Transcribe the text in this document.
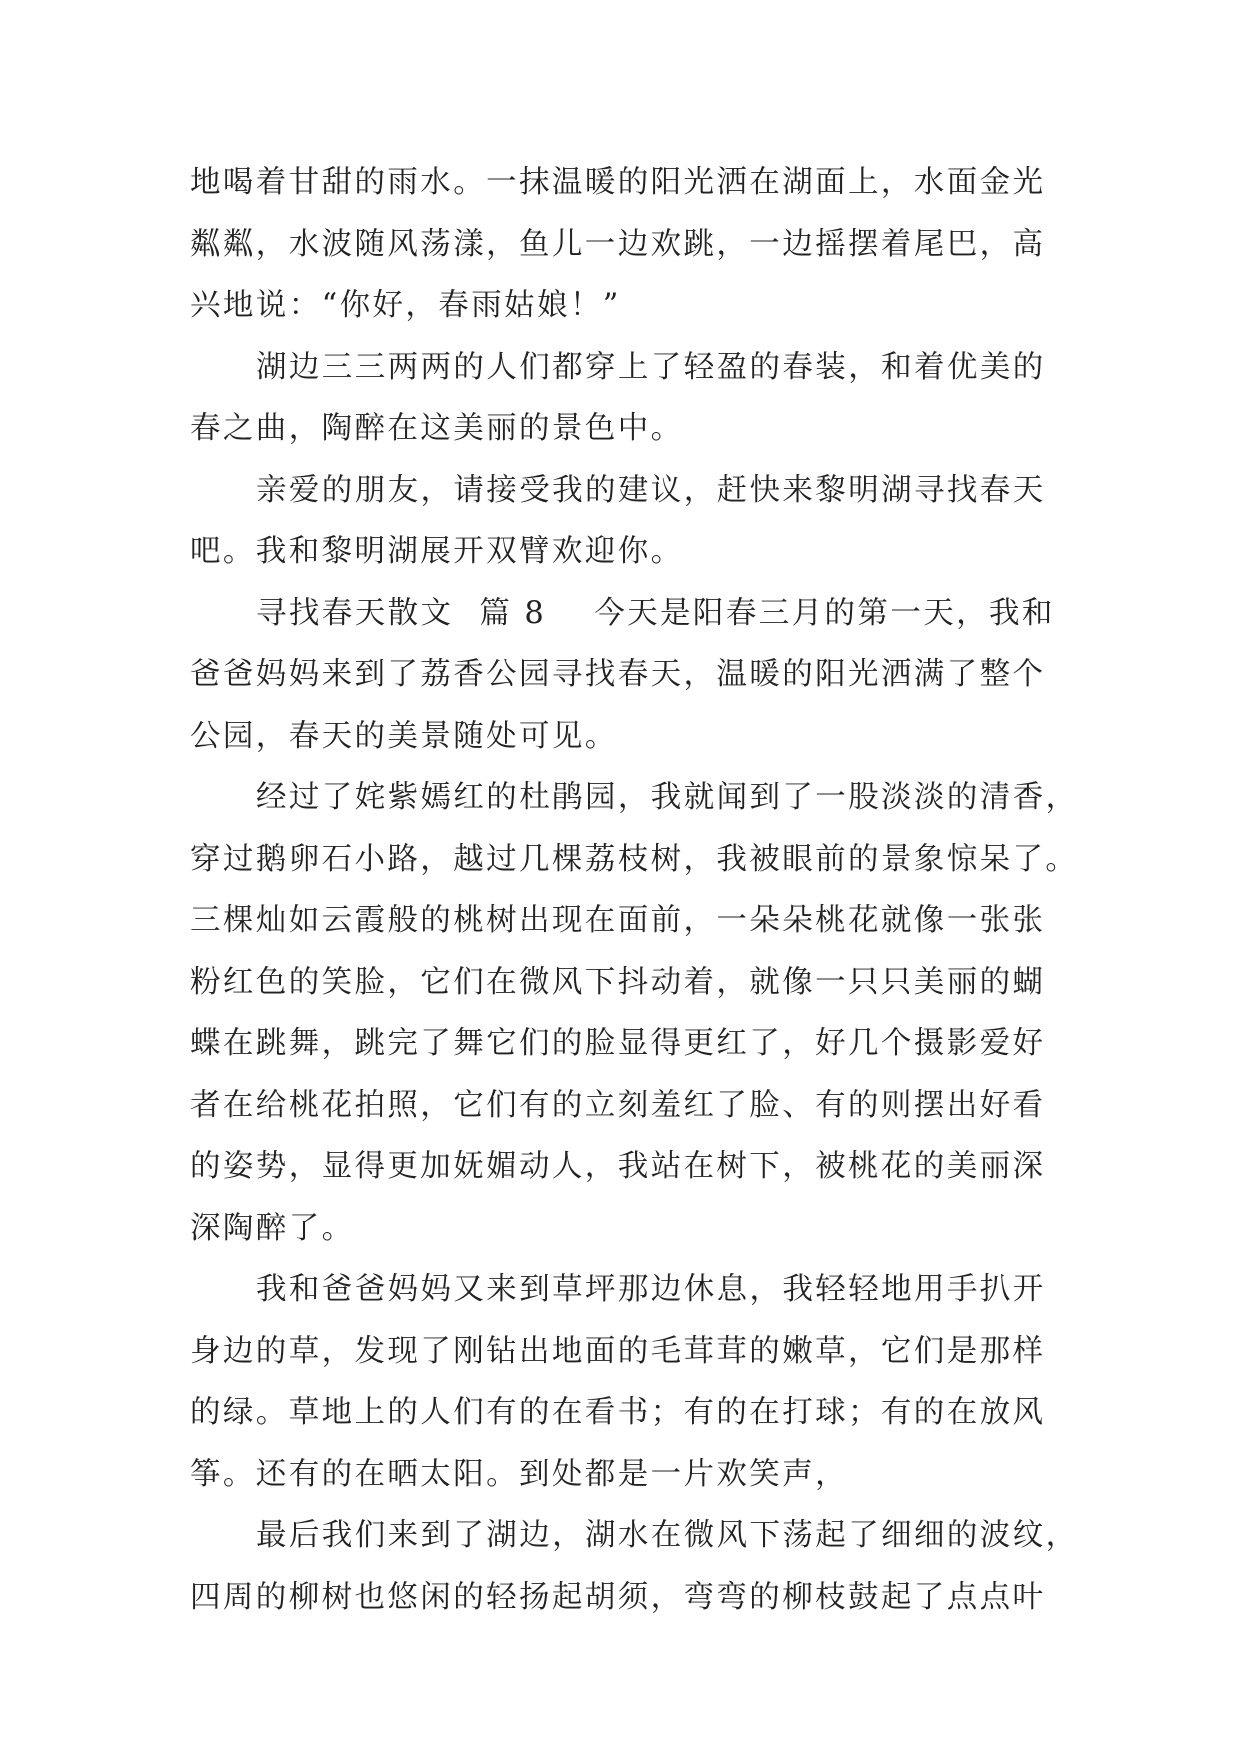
地喝着甘甜的雨水。一抹温暖的阳光洒在湖面上，水面金光
粼粼，水波随风荡漾，鱼儿一边欢跳，一边摇摆着尾巴，高
兴地说：“你好，春雨姑娘！”
湖边三三两两的人们都穿上了轻盈的春装，和着优美的
春之曲，陶醉在这美丽的景色中。
亲爱的朋友，请接受我的建议，赶快来黎明湖寻找春天
吧。我和黎明湖展开双臂欢迎你。
寻找春天散文 篇 8 今天是阳春三月的第一天，我和
爸爸妈妈来到了荔香公园寻找春天，温暖的阳光洒满了整个
公园，春天的美景随处可见。
经过了姹紫嫣红的杜鹃园，我就闻到了一股淡淡的清香，
穿过鹅卵石小路，越过几棵荔枝树，我被眼前的景象惊呆了。
三棵灿如云霞般的桃树出现在面前，一朵朵桃花就像一张张
粉红色的笑脸，它们在微风下抖动着，就像一只只美丽的蝴
蝶在跳舞，跳完了舞它们的脸显得更红了，好几个摄影爱好
者在给桃花拍照，它们有的立刻羞红了脸、有的则摆出好看
的姿势，显得更加妩媚动人，我站在树下，被桃花的美丽深
深陶醉了。
我和爸爸妈妈又来到草坪那边休息，我轻轻地用手扒开
身边的草，发现了刚钻出地面的毛茸茸的嫩草，它们是那样
的绿。草地上的人们有的在看书；有的在打球；有的在放风
筝。还有的在晒太阳。到处都是一片欢笑声，
最后我们来到了湖边，湖水在微风下荡起了细细的波纹，
四周的柳树也悠闲的轻扬起胡须，弯弯的柳枝鼓起了点点叶
